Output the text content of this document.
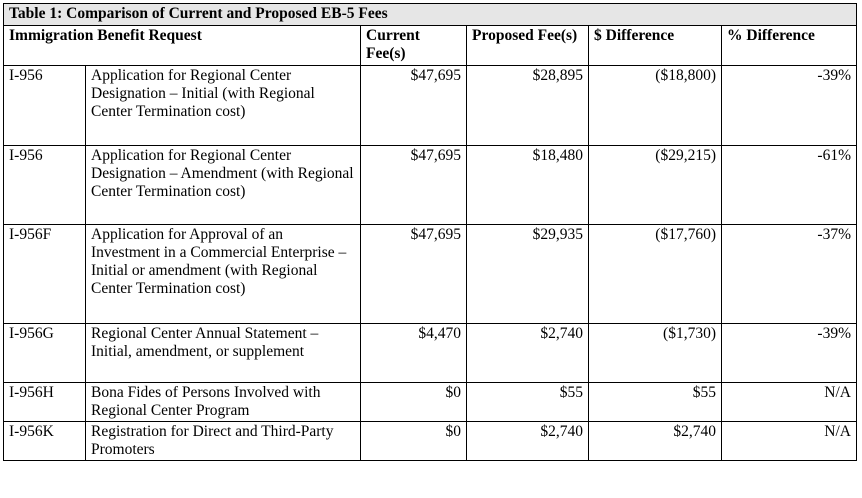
Table 1: Comparison of Current and Proposed EB-5 Fees					
Immigration Benefit Request		Current Fee(s)	Proposed Fee(s)	$ Difference	% Difference
I-956	Application for Regional Center Designation – Initial (with Regional Center Termination cost)	$47,695	$28,895	($18,800)	-39%
I-956	Application for Regional Center Designation – Amendment (with Regional Center Termination cost)	$47,695	$18,480	($29,215)	-61%
I-956F	Application for Approval of an Investment in a Commercial Enterprise – Initial or amendment (with Regional Center Termination cost)	$47,695	$29,935	($17,760)	-37%
I-956G	Regional Center Annual Statement – Initial, amendment, or supplement	$4,470	$2,740	($1,730)	-39%
I-956H	Bona Fides of Persons Involved with Regional Center Program	$0	$55	$55	N/A
I-956K	Registration for Direct and Third-Party Promoters	$0	$2,740	$2,740	N/A
